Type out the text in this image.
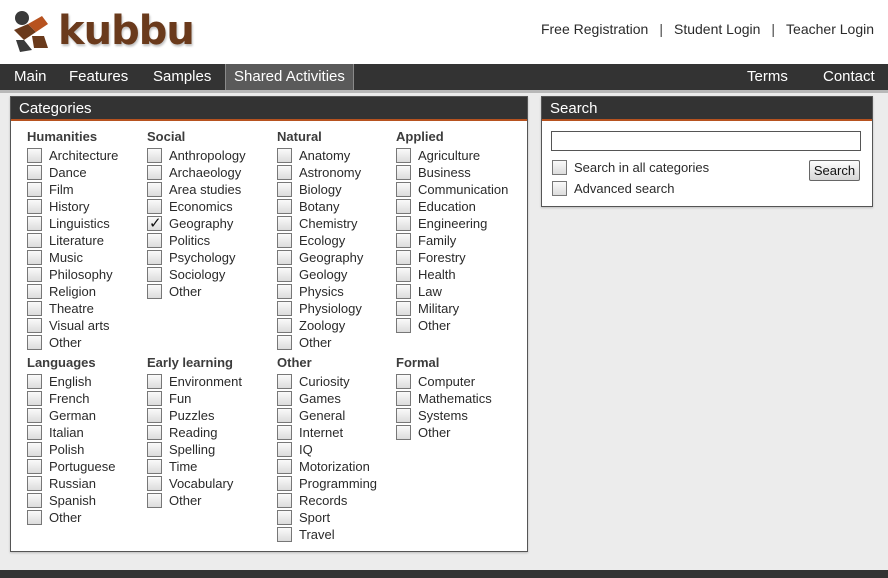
kubbu	Free Registration | Student Login | Teacher Login
Main Features Samples	Shared Activities	Terms Contact
Categories
Humanities
Architecture
Dance
Film
History
Linguistics
Literature
Music
Philosophy
Religion
Theatre
Visual arts
Other
Social
Anthropology
Archaeology
Area studies
Economics
✓
Geography
Politics
Psychology
Sociology
Other
Natural
Anatomy
Astronomy
Biology
Botany
Chemistry
Ecology
Geography
Geology
Physics
Physiology
Zoology
Other
Applied
Agriculture
Business
Communication
Education
Engineering
Family
Forestry
Health
Law
Military
Other
Languages
English
French
German
Italian
Polish
Portuguese
Russian
Spanish
Other
Early learning
Environment
Fun
Puzzles
Reading
Spelling
Time
Vocabulary
Other
Other
Curiosity
Games
General
Internet
IQ
Motorization
Programming
Records
Sport
Travel
Formal
Computer
Mathematics
Systems
Other
Search
Search in all categories
Advanced search
Search
